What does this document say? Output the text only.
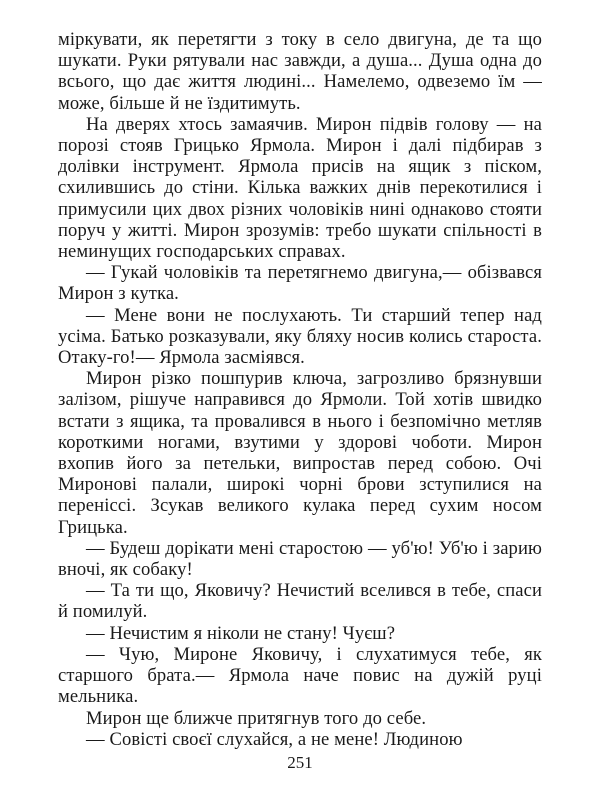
міркувати, як перетягти з току в село двигуна, де та що шукати. Руки рятували нас завжди, а душа... Душа одна до всього, що дає життя людині... Намелемо, одвеземо їм — може, більше й не їздитимуть.

На дверях хтось замаячив. Мирон підвів голову — на порозі стояв Грицько Ярмола. Мирон і далі підбирав з долівки інструмент. Ярмола присів на ящик з піском, схилившись до стіни. Кілька важких днів перекотилися і примусили цих двох різних чоловіків нині однаково стояти поруч у житті. Мирон зрозумів: требо шукати спільності в неминущих господарських справах.

— Гукай чоловіків та перетягнемо двигуна,— обізвався Мирон з кутка.

— Мене вони не послухають. Ти старший тепер над усіма. Батько розказували, яку бляху носив колись староста. Отаку-го!— Ярмола засміявся.

Мирон різко пошпурив ключа, загрозливо брязнувши залізом, рішуче направився до Ярмоли. Той хотів швидко встати з ящика, та провалився в нього і безпомічно метляв короткими ногами, взутими у здорові чоботи. Мирон вхопив його за петельки, випростав перед собою. Очі Миронові палали, широкі чорні брови зступилися на переніссі. Зсукав великого кулака перед сухим носом Грицька.

— Будеш дорікати мені старостою — уб'ю! Уб'ю і зарию вночі, як собаку!

— Та ти що, Яковичу? Нечистий вселився в тебе, спаси й помилуй.

— Нечистим я ніколи не стану! Чуєш?

— Чую, Мироне Яковичу, і слухатимуся тебе, як старшого брата.— Ярмола наче повис на дужій руці мельника.

Мирон ще ближче притягнув того до себе.

— Совісті своєї слухайся, а не мене! Людиною

251
